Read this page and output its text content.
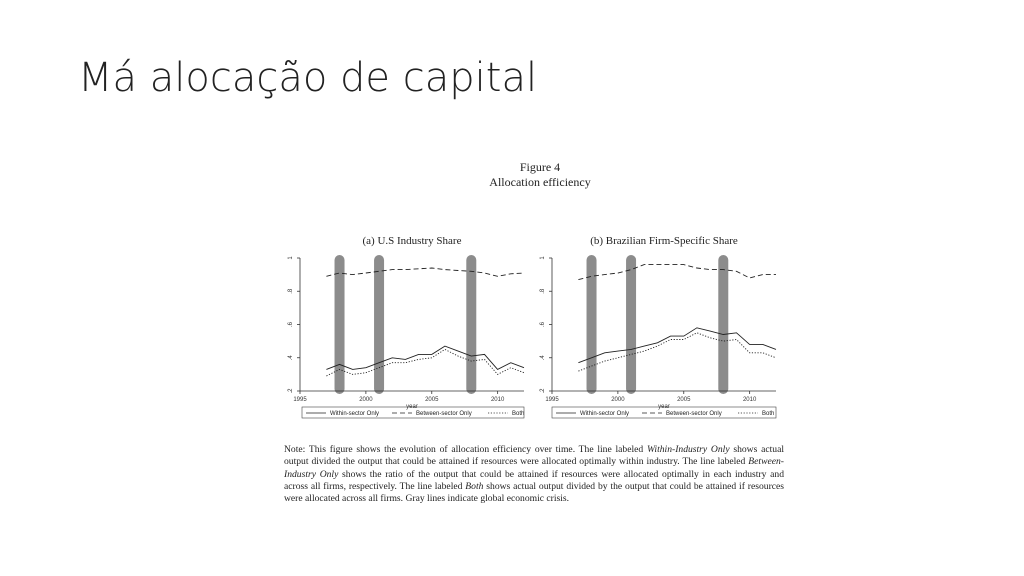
Má alocação de capital
Figure 4
Allocation efficiency
(a) U.S Industry Share
.2
.4
.6
.8
1
1995	2000	2005	2010
year
Within-sector Only	Between-sector Only	Both
(b) Brazilian Firm-Specific Share
.2
.4
.6
.8
1
1995	2000	2005	2010
year
Within-sector Only	Between-sector Only	Both
Note: This figure shows the evolution of allocation efficiency over time. The line labeled Within-Industry Only shows actual output divided the output that could be attained if resources were allocated optimally within industry. The line labeled Between-Industry Only shows the ratio of the output that could be attained if resources were allocated optimally in each industry and across all firms, respectively. The line labeled Both shows actual output divided by the output that could be attained if resources were allocated across all firms. Gray lines indicate global economic crisis.
